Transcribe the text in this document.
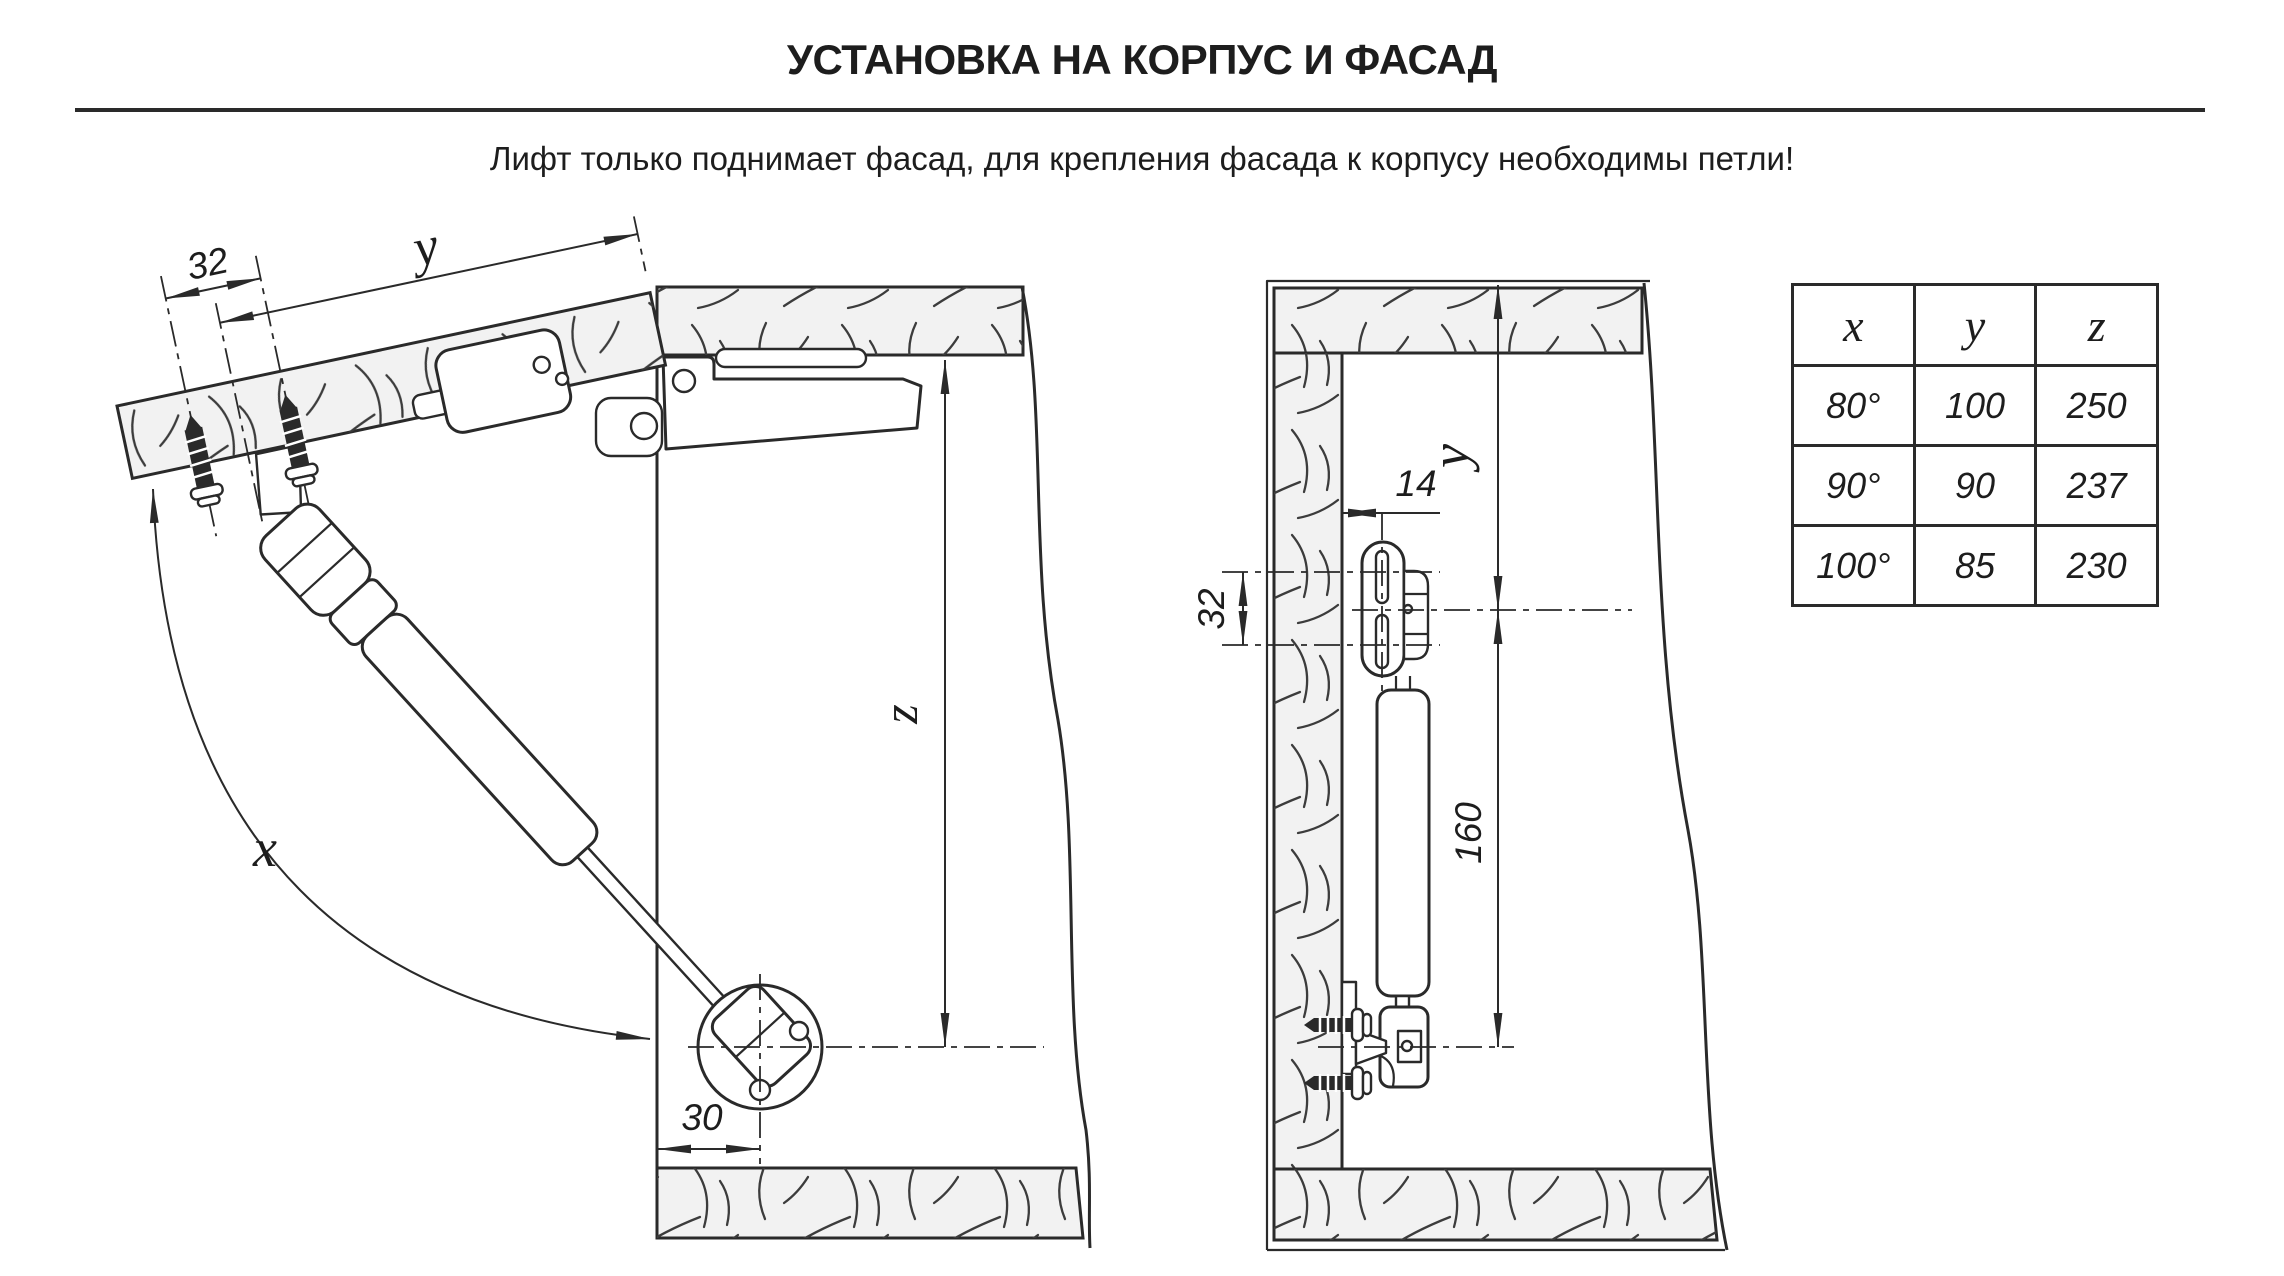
УСТАНОВКА НА КОРПУС И ФАСАД
Лифт только поднимает фасад, для крепления фасада к корпусу необходимы петли!
32	y
z
30
x
32
14
y
160
x	y	z
80°	100	250
90°	90	237
100°	85	230
